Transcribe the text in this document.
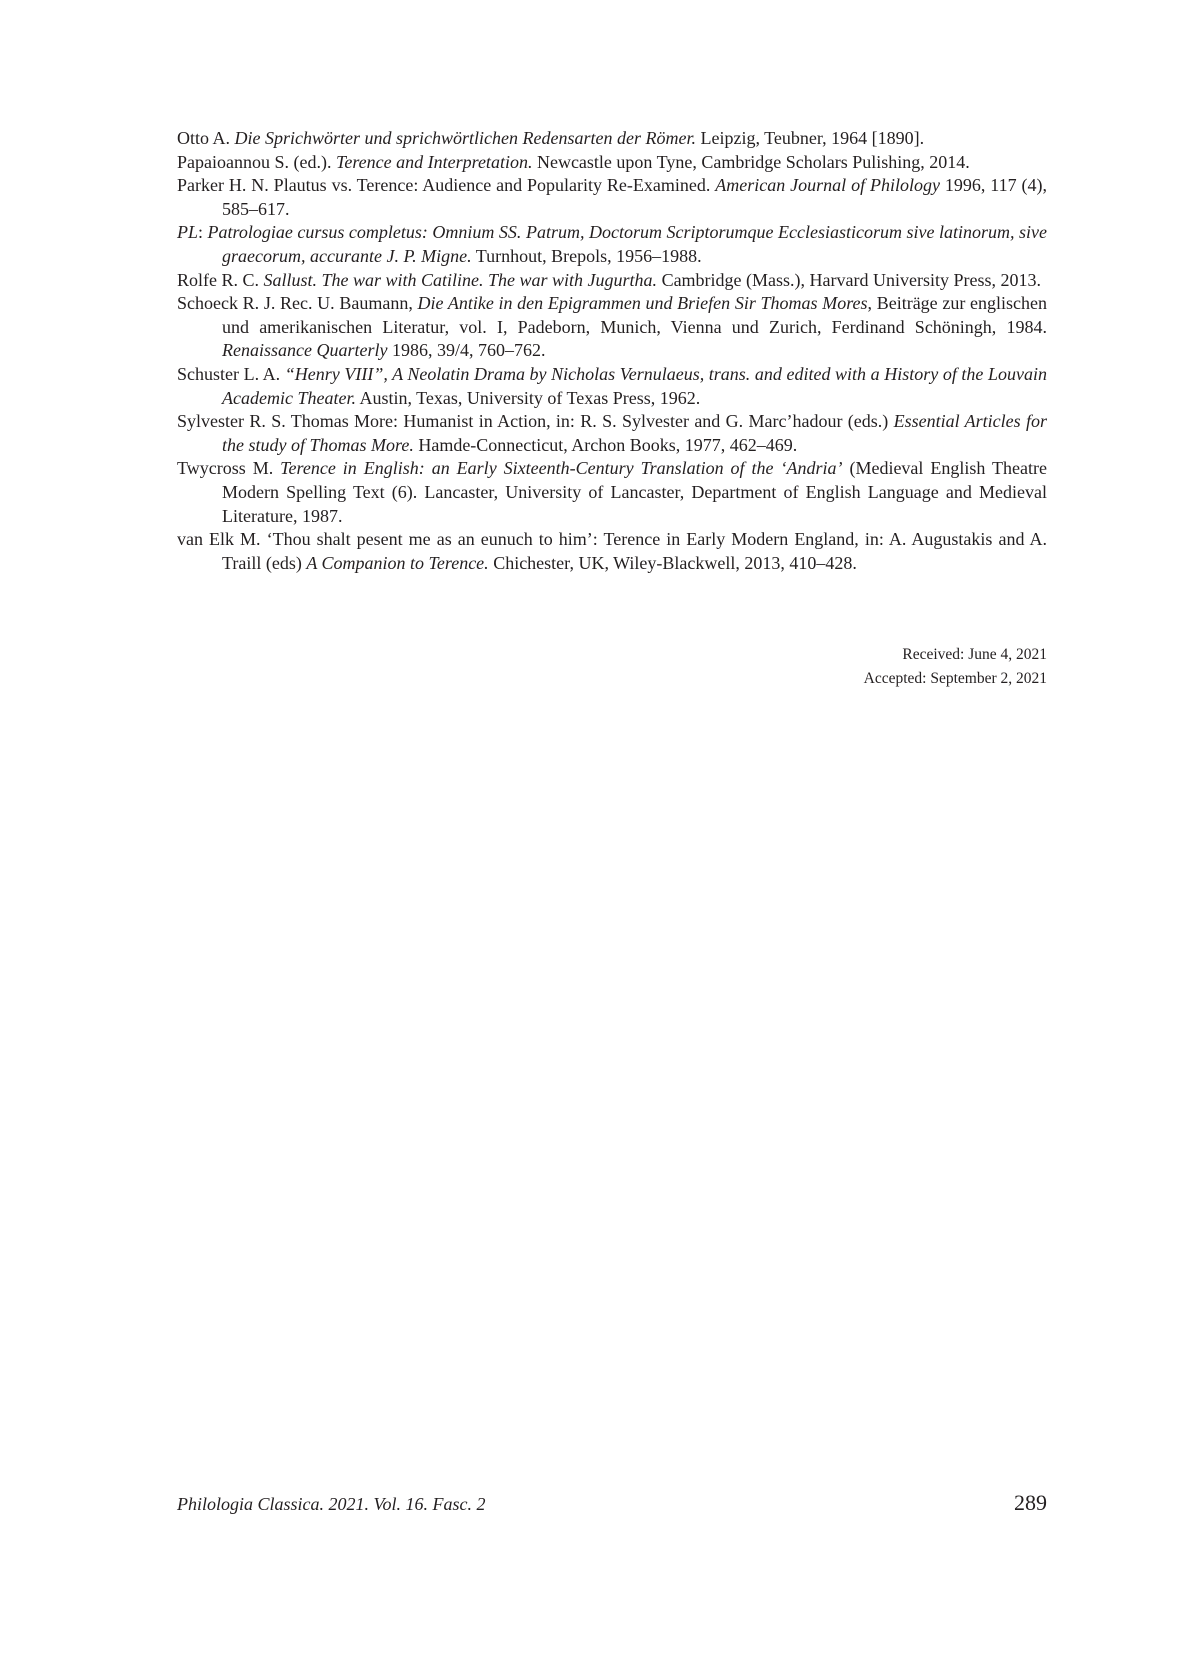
Otto A. Die Sprichwörter und sprichwörtlichen Redensarten der Römer. Leipzig, Teubner, 1964 [1890].

Papaioannou S. (ed.). Terence and Interpretation. Newcastle upon Tyne, Cambridge Scholars Pulishing, 2014.

Parker H. N. Plautus vs. Terence: Audience and Popularity Re-Examined. American Journal of Philology 1996, 117 (4), 585–617.

PL: Patrologiae cursus completus: Omnium SS. Patrum, Doctorum Scriptorumque Ecclesiasticorum sive latinorum, sive graecorum, accurante J. P. Migne. Turnhout, Brepols, 1956–1988.

Rolfe R. C. Sallust. The war with Catiline. The war with Jugurtha. Cambridge (Mass.), Harvard University Press, 2013.

Schoeck R. J. Rec. U. Baumann, Die Antike in den Epigrammen und Briefen Sir Thomas Mores, Beiträge zur englischen und amerikanischen Literatur, vol. I, Padeborn, Munich, Vienna und Zurich, Ferdinand Schöningh, 1984. Renaissance Quarterly 1986, 39/4, 760–762.

Schuster L. A. “Henry VIII”, A Neolatin Drama by Nicholas Vernulaeus, trans. and edited with a History of the Louvain Academic Theater. Austin, Texas, University of Texas Press, 1962.

Sylvester R. S. Thomas More: Humanist in Action, in: R. S. Sylvester and G. Marc’hadour (eds.) Essential Articles for the study of Thomas More. Hamde-Connecticut, Archon Books, 1977, 462–469.

Twycross M. Terence in English: an Early Sixteenth-Century Translation of the ‘Andria’ (Medieval English Theatre Modern Spelling Text (6). Lancaster, University of Lancaster, Department of English Language and Medieval Literature, 1987.

van Elk M. ‘Thou shalt pesent me as an eunuch to him’: Terence in Early Modern England, in: A. Augustakis and A. Traill (eds) A Companion to Terence. Chichester, UK, Wiley-Blackwell, 2013, 410–428.

Received: June 4, 2021
Accepted: September 2, 2021
Philologia Classica. 2021. Vol. 16. Fasc. 2	289
